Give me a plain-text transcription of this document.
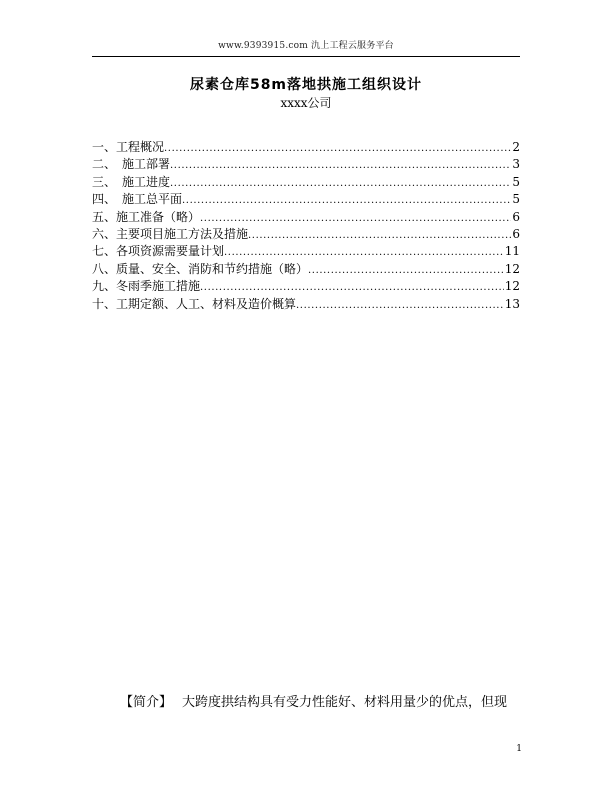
www.9393915.com 氿上工程云服务平台
尿素仓库58m落地拱施工组织设计
xxxx公司
一、工程概况 .....	2
二、　施工部署 .....	3
三、　施工进度 .....	5
四、　施工总平面 .....	5
五、施工准备（略） .....	6
六、主要项目施工方法及措施 .....	6
七、各项资源需要量计划 .....	11
八、质量、安全、消防和节约措施（略） .....	12
九、冬雨季施工措施 .....	12
十、工期定额、人工、材料及造价概算 .....	13
【简介】 大跨度拱结构具有受力性能好、材料用量少的优点，但现
1
